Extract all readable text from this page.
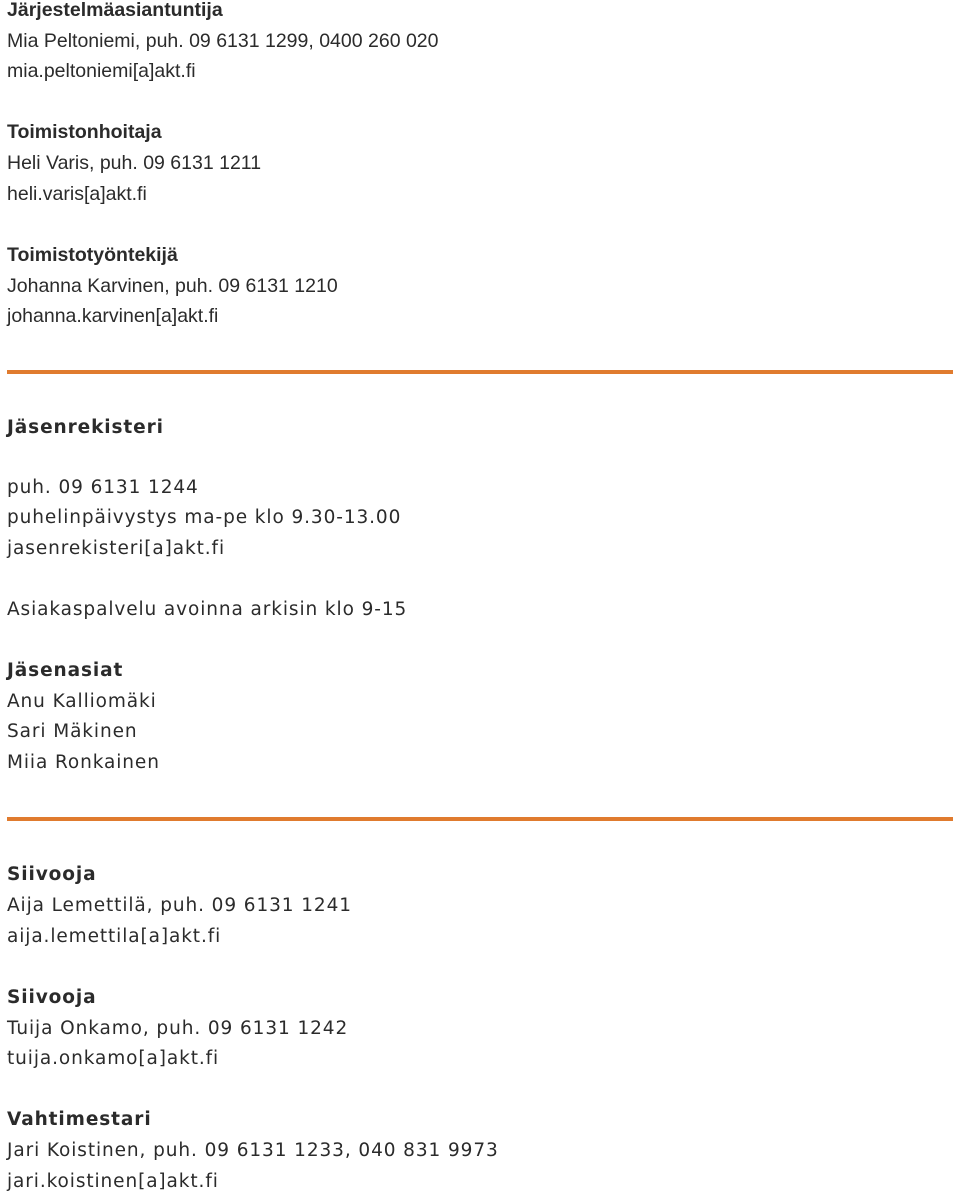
Järjestelmäasiantuntija

Mia Peltoniemi, puh. 09 6131 1299, 0400 260 020

mia.peltoniemi[a]akt.fi

Toimistonhoitaja

Heli Varis, puh. 09 6131 1211

heli.varis[a]akt.fi

Toimistotyöntekijä

Johanna Karvinen, puh. 09 6131 1210

johanna.karvinen[a]akt.fi

Jäsenrekisteri

puh. 09 6131 1244

puhelinpäivystys ma-pe klo 9.30-13.00

jasenrekisteri[a]akt.fi

Asiakaspalvelu avoinna arkisin klo 9-15

Jäsenasiat

Anu Kalliomäki

Sari Mäkinen

Miia Ronkainen

Siivooja

Aija Lemettilä, puh. 09 6131 1241

aija.lemettila[a]akt.fi

Siivooja

Tuija Onkamo, puh. 09 6131 1242

tuija.onkamo[a]akt.fi

Vahtimestari

Jari Koistinen, puh. 09 6131 1233, 040 831 9973

jari.koistinen[a]akt.fi
